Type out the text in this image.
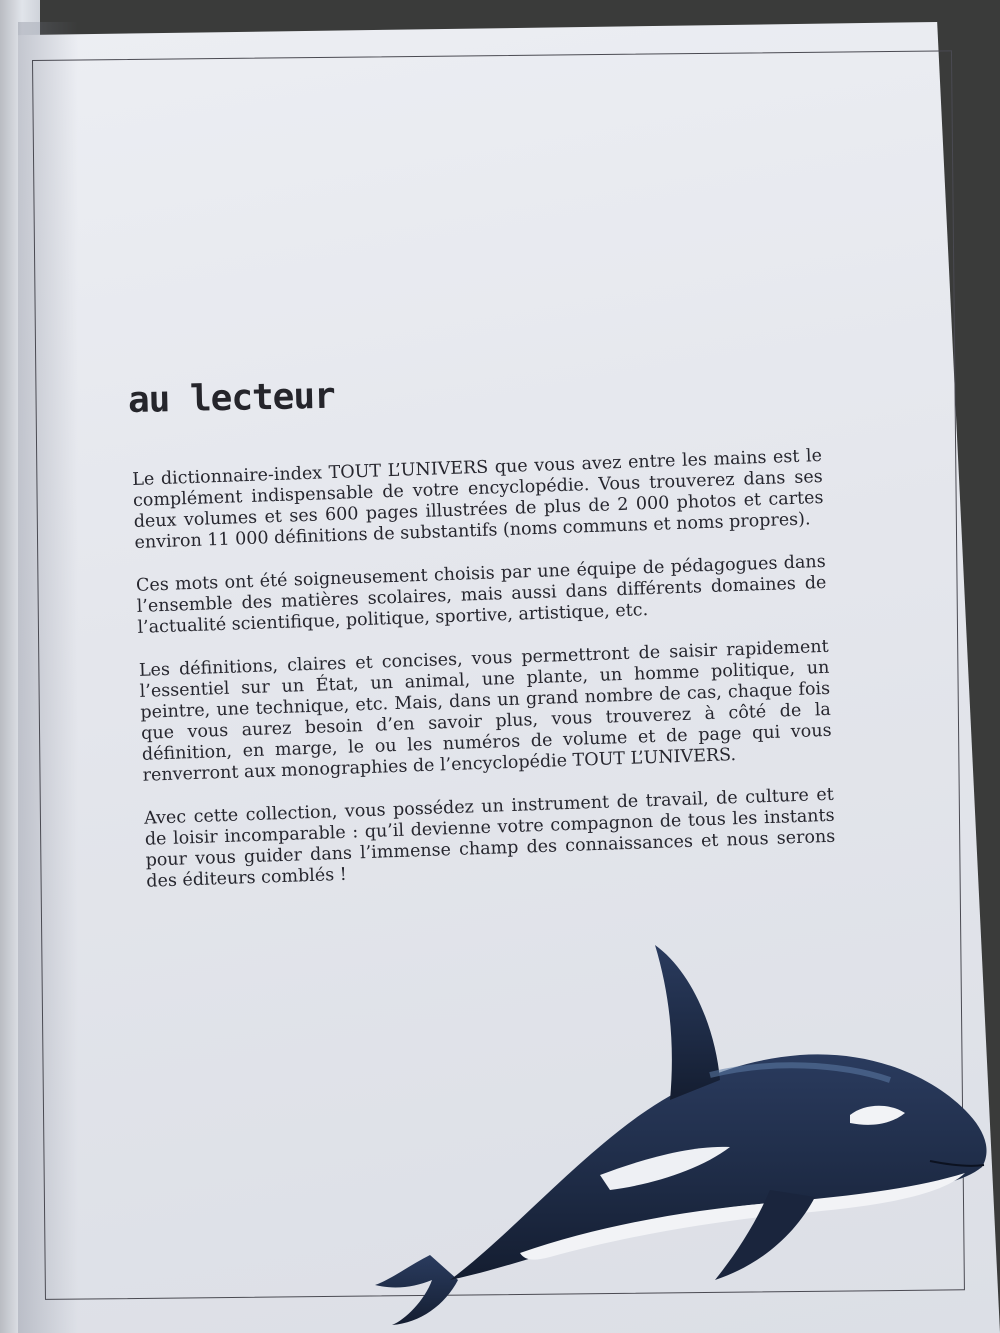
au lecteur

Le dictionnaire-index TOUT L’UNIVERS que vous avez entre les mains est le complément indispensable de votre encyclopédie. Vous trouverez dans ses deux volumes et ses 600 pages illustrées de plus de 2 000 photos et cartes environ 11 000 définitions de substantifs (noms communs et noms propres).

Ces mots ont été soigneusement choisis par une équipe de pédagogues dans l’ensemble des matières scolaires, mais aussi dans différents domaines de l’actualité scientifique, politique, sportive, artistique, etc.

Les définitions, claires et concises, vous permettront de saisir rapidement l’essentiel sur un État, un animal, une plante, un homme politique, un peintre, une technique, etc. Mais, dans un grand nombre de cas, chaque fois que vous aurez besoin d’en savoir plus, vous trouverez à côté de la définition, en marge, le ou les numéros de volume et de page qui vous renverront aux monographies de l’encyclopédie TOUT L’UNIVERS.

Avec cette collection, vous possédez un instrument de travail, de culture et de loisir incomparable : qu’il devienne votre compagnon de tous les instants pour vous guider dans l’immense champ des connaissances et nous serons des éditeurs comblés !
